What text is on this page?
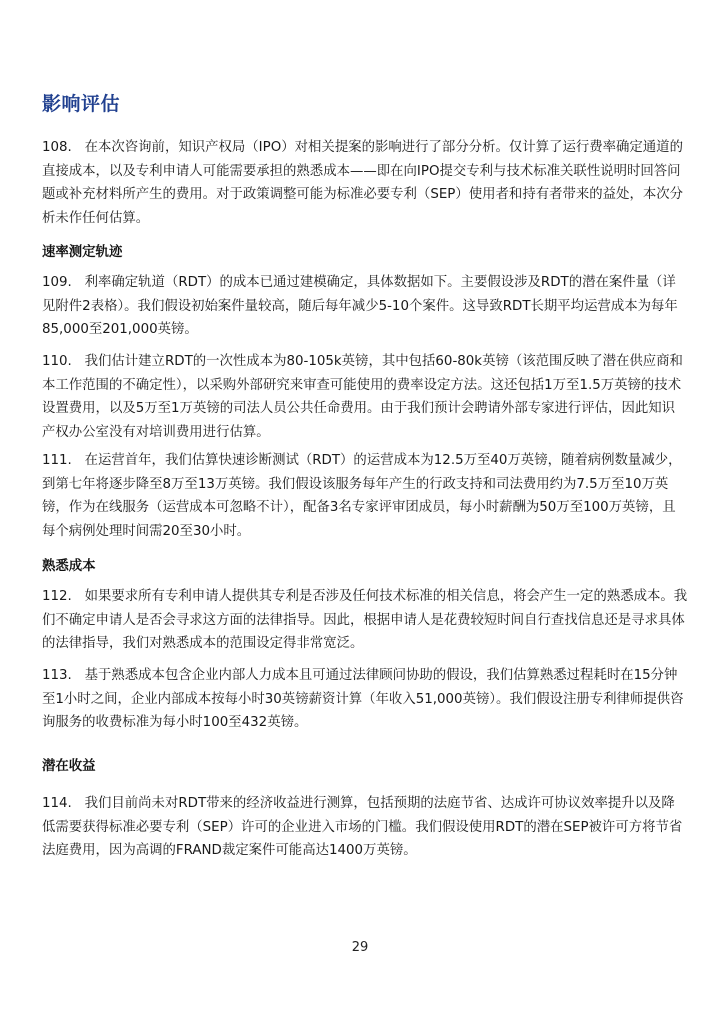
影响评估
108. 在本次咨询前，知识产权局（IPO）对相关提案的影响进行了部分分析。仅计算了运行费率确定通道的直接成本，以及专利申请人可能需要承担的熟悉成本——即在向IPO提交专利与技术标准关联性说明时回答问题或补充材料所产生的费用。对于政策调整可能为标准必要专利（SEP）使用者和持有者带来的益处，本次分析未作任何估算。
速率测定轨迹
109. 利率确定轨道（RDT）的成本已通过建模确定，具体数据如下。主要假设涉及RDT的潜在案件量（详见附件2表格）。我们假设初始案件量较高，随后每年减少5-10个案件。这导致RDT长期平均运营成本为每年85,000至201,000英镑。
110. 我们估计建立RDT的一次性成本为80-105k英镑，其中包括60-80k英镑（该范围反映了潜在供应商和本工作范围的不确定性），以采购外部研究来审查可能使用的费率设定方法。这还包括1万至1.5万英镑的技术设置费用，以及5万至1万英镑的司法人员公共任命费用。由于我们预计会聘请外部专家进行评估，因此知识产权办公室没有对培训费用进行估算。
111. 在运营首年，我们估算快速诊断测试（RDT）的运营成本为12.5万至40万英镑，随着病例数量减少，到第七年将逐步降至8万至13万英镑。我们假设该服务每年产生的行政支持和司法费用约为7.5万至10万英镑，作为在线服务（运营成本可忽略不计），配备3名专家评审团成员，每小时薪酬为50万至100万英镑，且每个病例处理时间需20至30小时。
熟悉成本
112. 如果要求所有专利申请人提供其专利是否涉及任何技术标准的相关信息，将会产生一定的熟悉成本。我们不确定申请人是否会寻求这方面的法律指导。因此，根据申请人是花费较短时间自行查找信息还是寻求具体的法律指导，我们对熟悉成本的范围设定得非常宽泛。
113. 基于熟悉成本包含企业内部人力成本且可通过法律顾问协助的假设，我们估算熟悉过程耗时在15分钟至1小时之间，企业内部成本按每小时30英镑薪资计算（年收入51,000英镑）。我们假设注册专利律师提供咨询服务的收费标准为每小时100至432英镑。
潜在收益
114. 我们目前尚未对RDT带来的经济收益进行测算，包括预期的法庭节省、达成许可协议效率提升以及降低需要获得标准必要专利（SEP）许可的企业进入市场的门槛。我们假设使用RDT的潜在SEP被许可方将节省法庭费用，因为高调的FRAND裁定案件可能高达1400万英镑。
29
